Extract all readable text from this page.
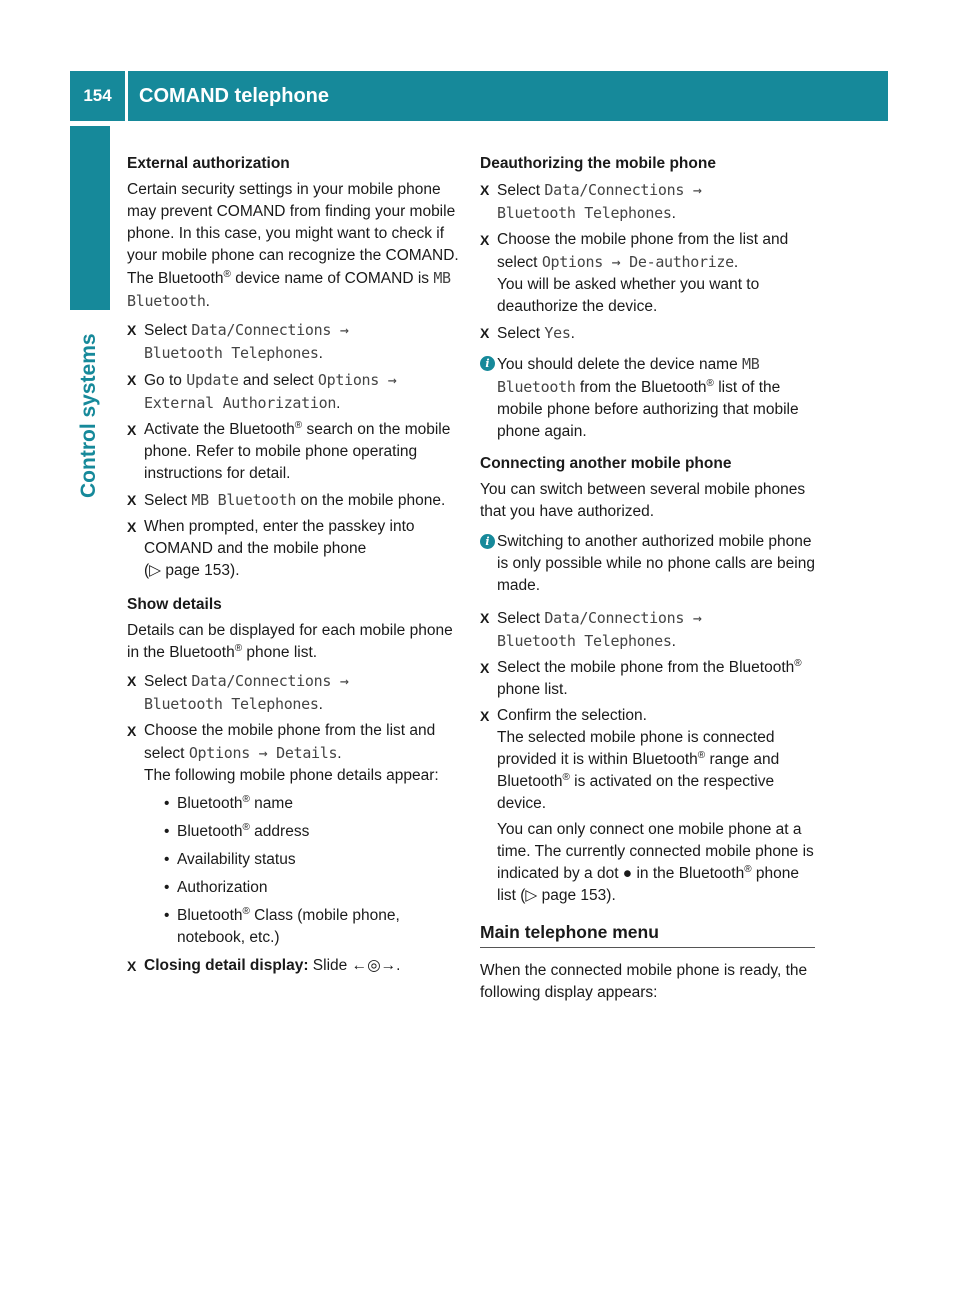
154	COMAND telephone
Control systems

External authorization

Certain security settings in your mobile phone may prevent COMAND from finding your mobile phone. In this case, you might want to check if your mobile phone can recognize the COMAND. The Bluetooth® device name of COMAND is MB Bluetooth.

X Select Data/Connections →
Bluetooth Telephones.
X Go to Update and select Options →
External Authorization.
X Activate the Bluetooth® search on the mobile phone. Refer to mobile phone operating instructions for detail.
X Select MB Bluetooth on the mobile phone.
X When prompted, enter the passkey into COMAND and the mobile phone
(▷ page 153).

Show details

Details can be displayed for each mobile phone in the Bluetooth® phone list.

X Select Data/Connections →
Bluetooth Telephones.
X Choose the mobile phone from the list and select Options → Details.
The following mobile phone details appear:
• Bluetooth® name
• Bluetooth® address
• Availability status
• Authorization
• Bluetooth® Class (mobile phone, notebook, etc.)
X Closing detail display: Slide ←◎→.

Deauthorizing the mobile phone

X Select Data/Connections →
Bluetooth Telephones.
X Choose the mobile phone from the list and select Options → De-authorize.
You will be asked whether you want to deauthorize the device.
X Select Yes.
i You should delete the device name MB Bluetooth from the Bluetooth® list of the mobile phone before authorizing that mobile phone again.

Connecting another mobile phone

You can switch between several mobile phones that you have authorized.

i Switching to another authorized mobile phone is only possible while no phone calls are being made.
X Select Data/Connections →
Bluetooth Telephones.
X Select the mobile phone from the Bluetooth® phone list.
X Confirm the selection.
The selected mobile phone is connected provided it is within Bluetooth® range and Bluetooth® is activated on the respective device.

You can only connect one mobile phone at a time. The currently connected mobile phone is indicated by a dot ● in the Bluetooth® phone list (▷ page 153).

Main telephone menu

When the connected mobile phone is ready, the following display appears:
